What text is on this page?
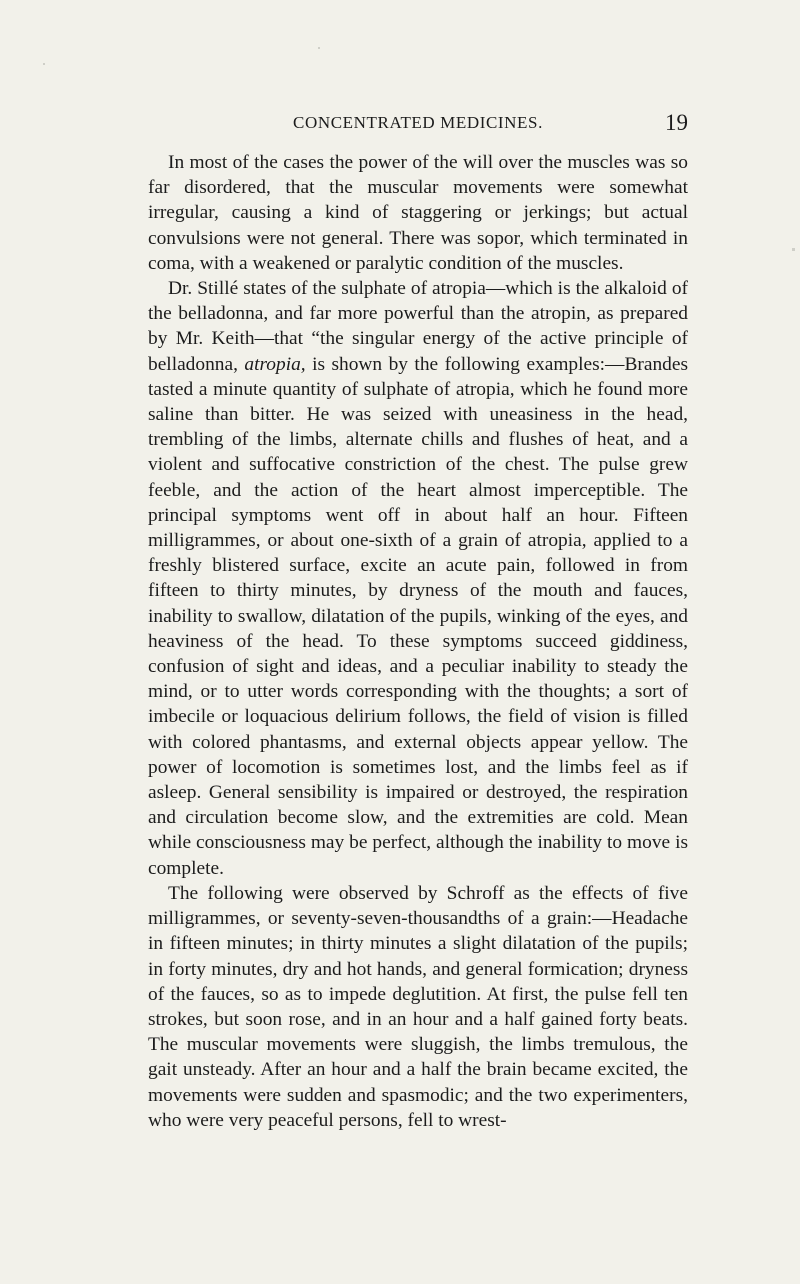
CONCENTRATED MEDICINES.	19

In most of the cases the power of the will over the muscles was so far disordered, that the muscular movements were somewhat irregular, causing a kind of staggering or jerkings; but actual convulsions were not general. There was sopor, which terminated in coma, with a weakened or paralytic condition of the muscles.

Dr. Stillé states of the sulphate of atropia—which is the alkaloid of the belladonna, and far more powerful than the atropin, as prepared by Mr. Keith—that “the singular energy of the active principle of belladonna, atropia, is shown by the following examples:—Brandes tasted a minute quantity of sulphate of atropia, which he found more saline than bitter. He was seized with uneasiness in the head, trembling of the limbs, alternate chills and flushes of heat, and a violent and suffocative constriction of the chest. The pulse grew feeble, and the action of the heart almost imperceptible. The principal symptoms went off in about half an hour. Fifteen milligrammes, or about one-sixth of a grain of atropia, applied to a freshly blistered surface, excite an acute pain, followed in from fifteen to thirty minutes, by dryness of the mouth and fauces, inability to swallow, dilatation of the pupils, winking of the eyes, and heaviness of the head. To these symptoms succeed giddiness, confusion of sight and ideas, and a peculiar inability to steady the mind, or to utter words corresponding with the thoughts; a sort of imbecile or loquacious delirium follows, the field of vision is filled with colored phantasms, and external objects appear yellow. The power of locomotion is sometimes lost, and the limbs feel as if asleep. General sensibility is impaired or destroyed, the respiration and circulation become slow, and the extremities are cold. Mean while consciousness may be perfect, although the inability to move is complete.

The following were observed by Schroff as the effects of five milligrammes, or seventy-seven-thousandths of a grain:—Headache in fifteen minutes; in thirty minutes a slight dilatation of the pupils; in forty minutes, dry and hot hands, and general formication; dryness of the fauces, so as to impede deglutition. At first, the pulse fell ten strokes, but soon rose, and in an hour and a half gained forty beats. The muscular movements were sluggish, the limbs tremulous, the gait unsteady. After an hour and a half the brain became excited, the movements were sudden and spasmodic; and the two experimenters, who were very peaceful persons, fell to wrest-
